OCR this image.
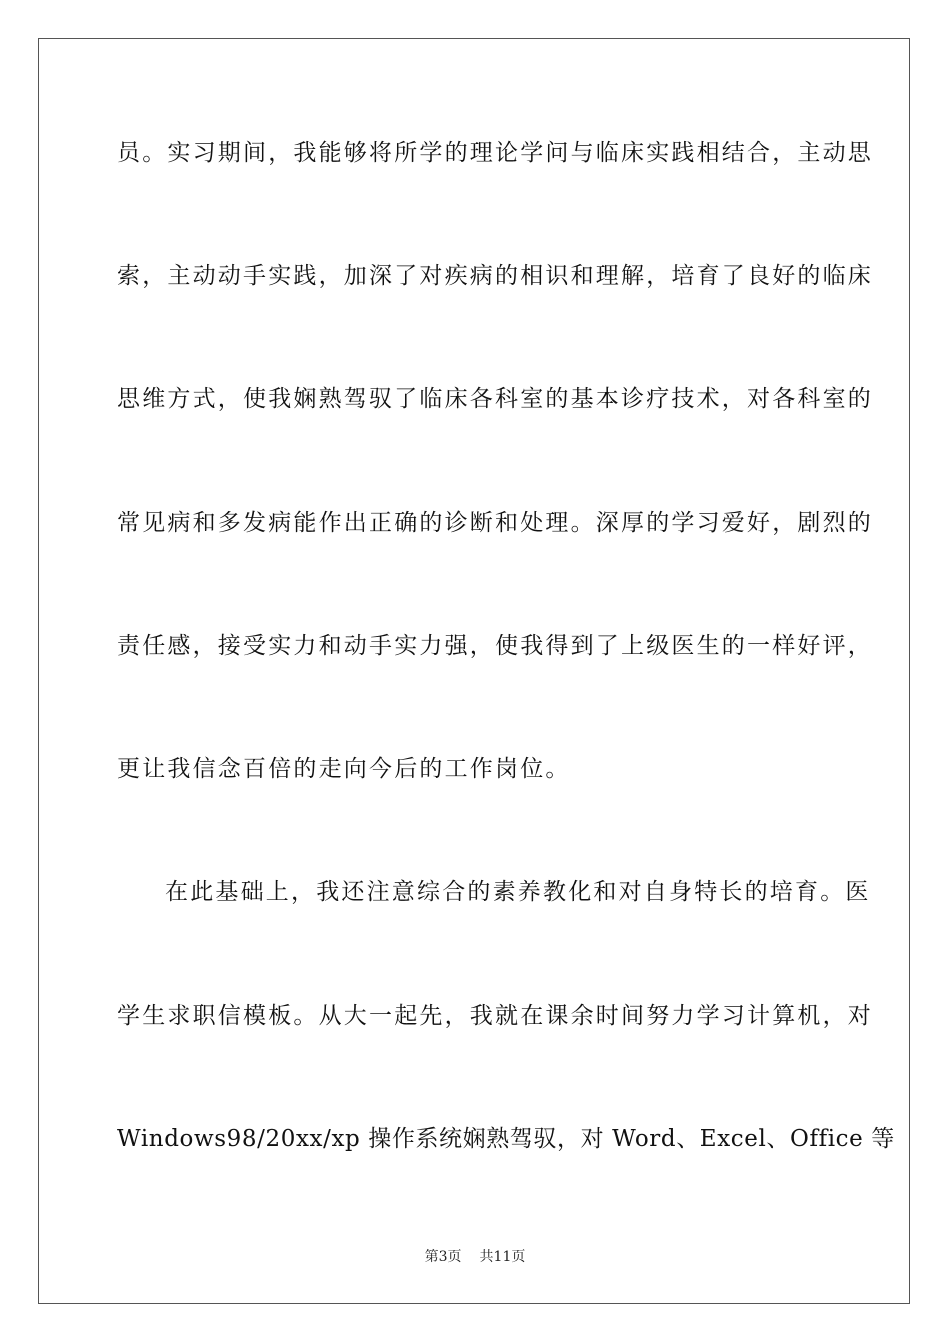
员。实习期间，我能够将所学的理论学问与临床实践相结合，主动思
索，主动动手实践，加深了对疾病的相识和理解，培育了良好的临床
思维方式，使我娴熟驾驭了临床各科室的基本诊疗技术，对各科室的
常见病和多发病能作出正确的诊断和处理。深厚的学习爱好，剧烈的
责任感，接受实力和动手实力强，使我得到了上级医生的一样好评，
更让我信念百倍的走向今后的工作岗位。
在此基础上，我还注意综合的素养教化和对自身特长的培育。医
学生求职信模板。从大一起先，我就在课余时间努力学习计算机，对
Windows98/20xx/xp 操作系统娴熟驾驭，对 Word、Excel、Office 等
第3页 共11页
